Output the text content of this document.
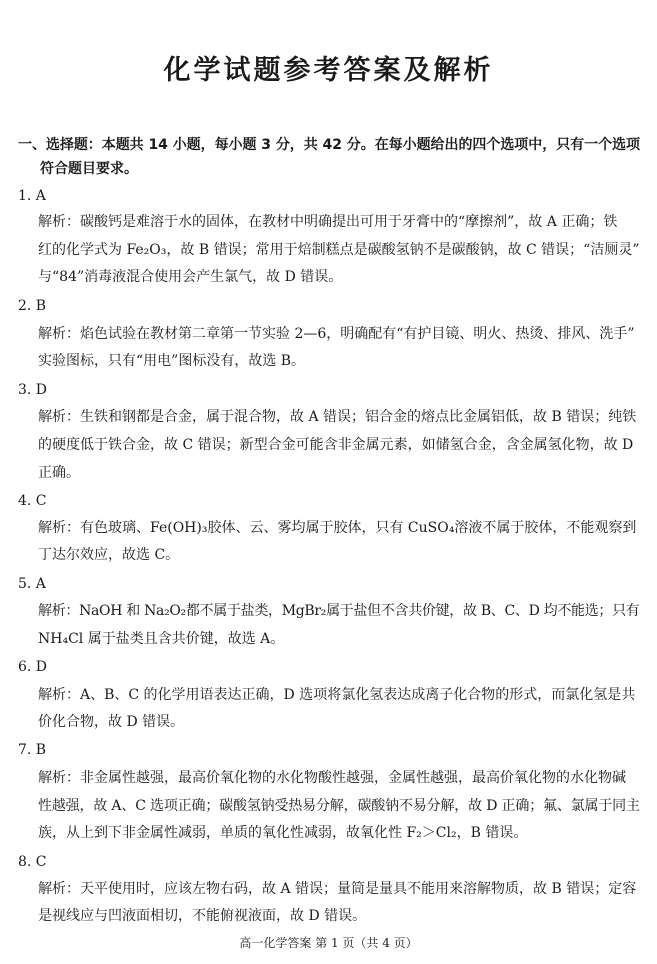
化学试题参考答案及解析
一、选择题：本题共 14 小题，每小题 3 分，共 42 分。在每小题给出的四个选项中，只有一个选项
符合题目要求。
1. A
解析：碳酸钙是难溶于水的固体，在教材中明确提出可用于牙膏中的“摩擦剂”，故 A 正确；铁
红的化学式为 Fe₂O₃，故 B 错误；常用于焙制糕点是碳酸氢钠不是碳酸钠，故 C 错误；“洁厕灵”
与“84”消毒液混合使用会产生氯气，故 D 错误。
2. B
解析：焰色试验在教材第二章第一节实验 2—6，明确配有“有护目镜、明火、热烫、排风、洗手”
实验图标，只有“用电”图标没有，故选 B。
3. D
解析：生铁和钢都是合金，属于混合物，故 A 错误；铝合金的熔点比金属铝低，故 B 错误；纯铁
的硬度低于铁合金，故 C 错误；新型合金可能含非金属元素，如储氢合金，含金属氢化物，故 D
正确。
4. C
解析：有色玻璃、Fe(OH)₃胶体、云、雾均属于胶体，只有 CuSO₄溶液不属于胶体，不能观察到
丁达尔效应，故选 C。
5. A
解析：NaOH 和 Na₂O₂都不属于盐类，MgBr₂属于盐但不含共价键，故 B、C、D 均不能选；只有
NH₄Cl 属于盐类且含共价键，故选 A。
6. D
解析：A、B、C 的化学用语表达正确，D 选项将氯化氢表达成离子化合物的形式，而氯化氢是共
价化合物，故 D 错误。
7. B
解析：非金属性越强，最高价氧化物的水化物酸性越强，金属性越强，最高价氧化物的水化物碱
性越强，故 A、C 选项正确；碳酸氢钠受热易分解，碳酸钠不易分解，故 D 正确；氟、氯属于同主
族，从上到下非金属性减弱，单质的氧化性减弱，故氧化性 F₂＞Cl₂，B 错误。
8. C
解析：天平使用时，应该左物右码，故 A 错误；量筒是量具不能用来溶解物质，故 B 错误；定容
是视线应与凹液面相切，不能俯视液面，故 D 错误。
高一化学答案 第 1 页（共 4 页）
